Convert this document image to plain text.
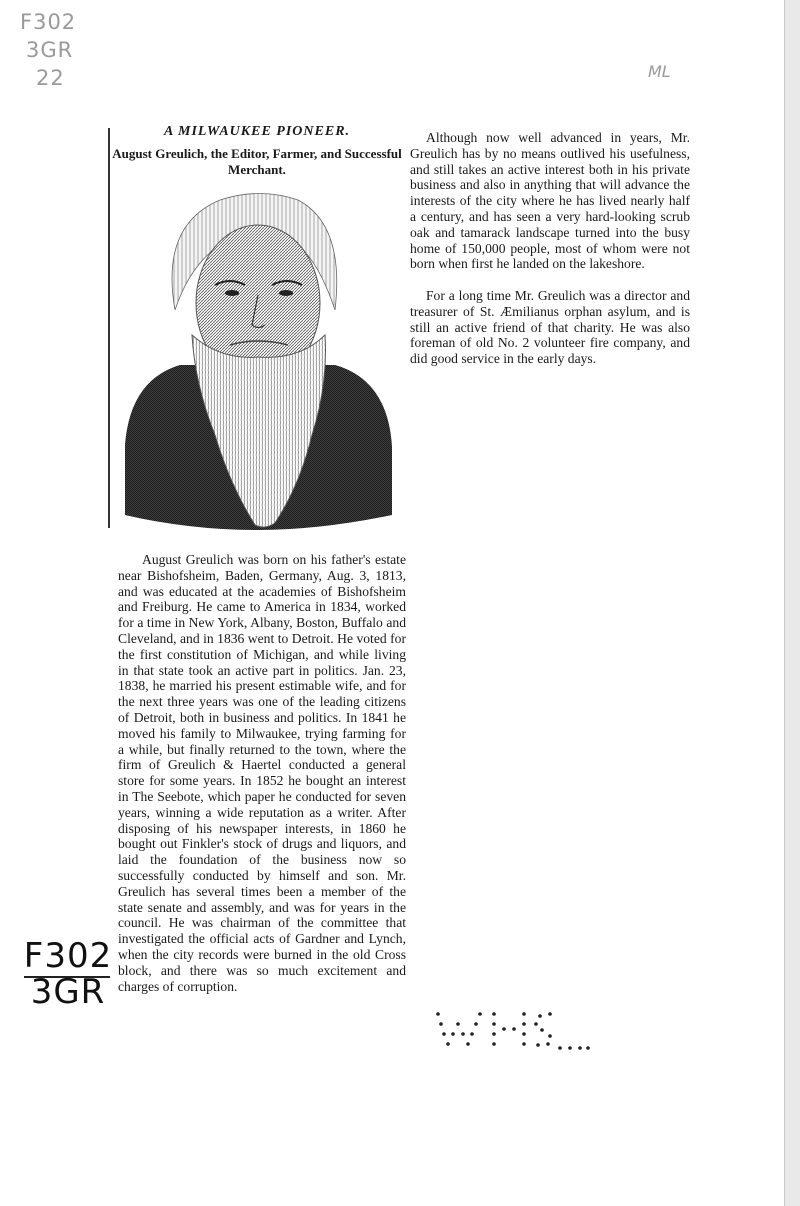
F302
3GR
22	ML
A MILWAUKEE PIONEER.
August Greulich, the Editor, Farmer, and Successful Merchant.

Although now well advanced in years, Mr. Greulich has by no means outlived his usefulness, and still takes an active interest both in his private business and also in anything that will advance the interests of the city where he has lived nearly half a century, and has seen a very hard-looking scrub oak and tamarack landscape turned into the busy home of 150,000 people, most of whom were not born when first he landed on the lakeshore.

For a long time Mr. Greulich was a director and treasurer of St. Æmilianus orphan asylum, and is still an active friend of that charity. He was also foreman of old No. 2 volunteer fire company, and did good service in the early days.

August Greulich was born on his father's estate near Bishofsheim, Baden, Germany, Aug. 3, 1813, and was educated at the academies of Bishofsheim and Freiburg. He came to America in 1834, worked for a time in New York, Albany, Boston, Buffalo and Cleveland, and in 1836 went to Detroit. He voted for the first constitution of Michigan, and while living in that state took an active part in politics. Jan. 23, 1838, he married his present estimable wife, and for the next three years was one of the leading citizens of Detroit, both in business and politics. In 1841 he moved his family to Milwaukee, trying farming for a while, but finally returned to the town, where the firm of Greulich & Haertel conducted a general store for some years. In 1852 he bought an interest in The Seebote, which paper he conducted for seven years, winning a wide reputation as a writer. After disposing of his newspaper interests, in 1860 he bought out Finkler's stock of drugs and liquors, and laid the foundation of the business now so successfully conducted by himself and son. Mr. Greulich has several times been a member of the state senate and assembly, and was for years in the council. He was chairman of the committee that investigated the official acts of Gardner and Lynch, when the city records were burned in the old Cross block, and there was so much excitement and charges of corruption.

F302
3GR
